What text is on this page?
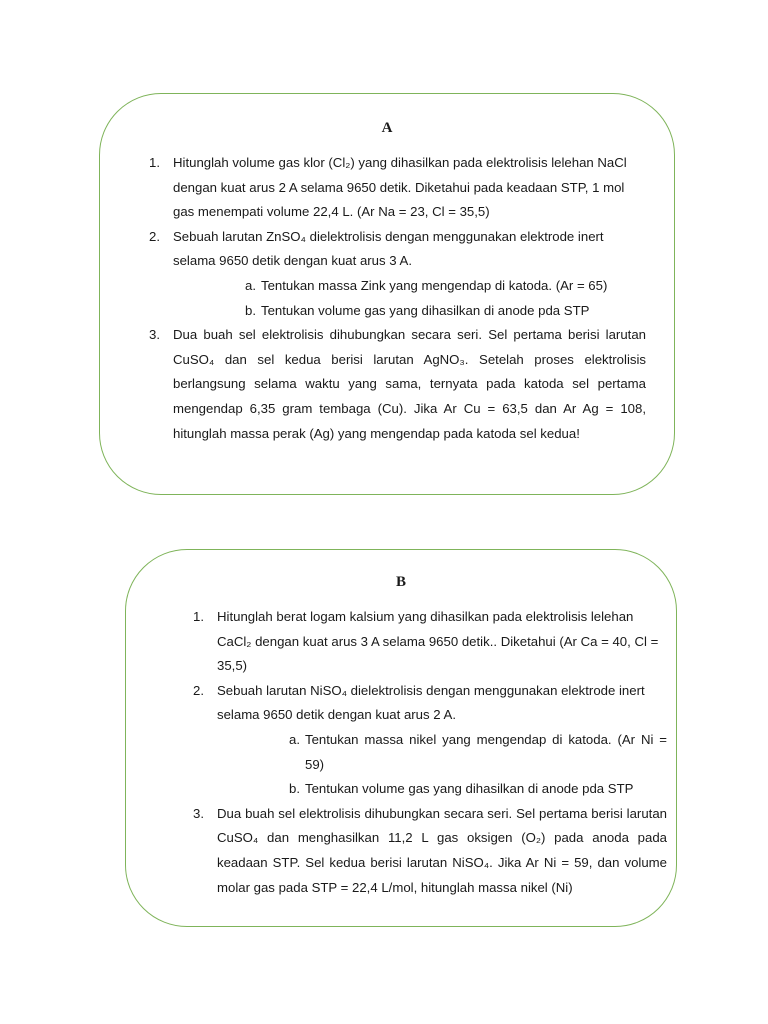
A
1. Hitunglah volume gas klor (Cl₂) yang dihasilkan pada elektrolisis lelehan NaCl dengan kuat arus 2 A selama 9650 detik. Diketahui pada keadaan STP, 1 mol gas menempati volume 22,4 L. (Ar Na = 23, Cl = 35,5)
2. Sebuah larutan ZnSO₄ dielektrolisis dengan menggunakan elektrode inert selama 9650 detik dengan kuat arus 3 A.
a. Tentukan massa Zink yang mengendap di katoda. (Ar = 65)
b. Tentukan volume gas yang dihasilkan di anode pda STP
3. Dua buah sel elektrolisis dihubungkan secara seri. Sel pertama berisi larutan CuSO₄ dan sel kedua berisi larutan AgNO₃. Setelah proses elektrolisis berlangsung selama waktu yang sama, ternyata pada katoda sel pertama mengendap 6,35 gram tembaga (Cu). Jika Ar Cu = 63,5 dan Ar Ag = 108, hitunglah massa perak (Ag) yang mengendap pada katoda sel kedua!
B
1. Hitunglah berat logam kalsium yang dihasilkan pada elektrolisis lelehan CaCl₂ dengan kuat arus 3 A selama 9650 detik.. Diketahui (Ar Ca = 40, Cl = 35,5)
2. Sebuah larutan NiSO₄ dielektrolisis dengan menggunakan elektrode inert selama 9650 detik dengan kuat arus 2 A.
a. Tentukan massa nikel yang mengendap di katoda. (Ar Ni = 59)
b. Tentukan volume gas yang dihasilkan di anode pda STP
3. Dua buah sel elektrolisis dihubungkan secara seri. Sel pertama berisi larutan CuSO₄ dan menghasilkan 11,2 L gas oksigen (O₂) pada anoda pada keadaan STP. Sel kedua berisi larutan NiSO₄. Jika Ar Ni = 59, dan volume molar gas pada STP = 22,4 L/mol, hitunglah massa nikel (Ni)
